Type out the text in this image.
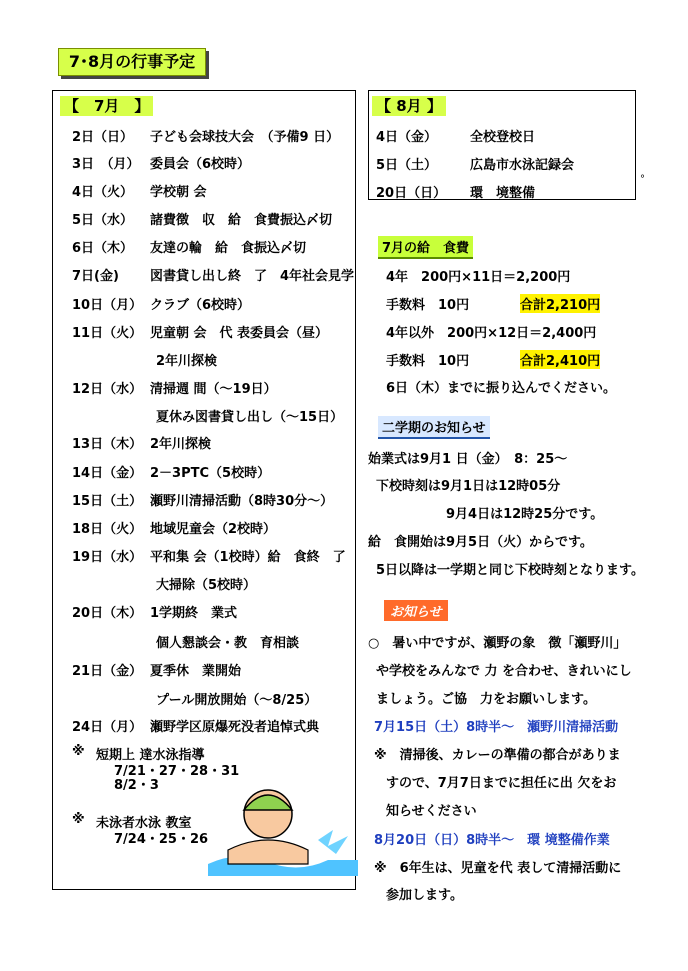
7･8月の行事予定
【　7月　】
2日（日） 子ども会球技大会　（予備9 日）
3日　（月） 委員会（6校時）
4日（火） 学校朝 会
5日（水） 諸費徴　収　給　食費振込〆切
6日（木） 友達の輪　給　食振込〆切
7日(金) 図書貸し出し終　了　4年社会見学
10日（月） クラブ（6校時）
11日（火） 児童朝 会　代 表委員会（昼）
2年川探検
12日（水） 清掃週 間（～19日）
夏休み図書貸し出し（～15日）
13日（木） 2年川探検
14日（金） 2－3PTC（5校時）
15日（土） 瀬野川清掃活動（8時30分～）
18日（火） 地域児童会（2校時）
19日（水） 平和集 会（1校時）給　食終　了
大掃除（5校時）
20日（木） 1学期終　業式
個人懇談会・教　育相談
21日（金） 夏季休　業開始
プール開放開始（～8/25）
24日（月） 瀬野学区原爆死没者追悼式典
※ 短期上 達水泳指導
7/21・27・28・31
8/2・3
※ 未泳者水泳 教室
7/24・25・26
【 8月 】
4日（金）	全校登校日
5日（土）	広島市水泳記録会
20日（日） 環　境整備
°
7月の給　食費
4年　200円×11日＝2,200円
手数料　10円	合計2,210円
4年以外　200円×12日＝2,400円
手数料　10円	合計2,410円
6日（木）までに振り込んでください。
二学期のお知らせ
始業式は9月1 日（金）　8：25～
下校時刻は9月1日は12時05分
9月4日は12時25分です。
給　食開始は9月5日（火）からです。
5日以降は一学期と同じ下校時刻となります。
お知らせ
○　暑い中ですが、瀬野の象　徴「瀬野川」
や学校をみんなで 力 を合わせ、きれいにし
ましょう。ご協　力をお願いします。
7月15日（土）8時半～　瀬野川清掃活動
※　清掃後、カレーの準備の都合がありま
すので、7月7日までに担任に出 欠をお
知らせください
8月20日（日）8時半～　環 境整備作業
※　6年生は、児童を代 表して清掃活動に
参加します。
